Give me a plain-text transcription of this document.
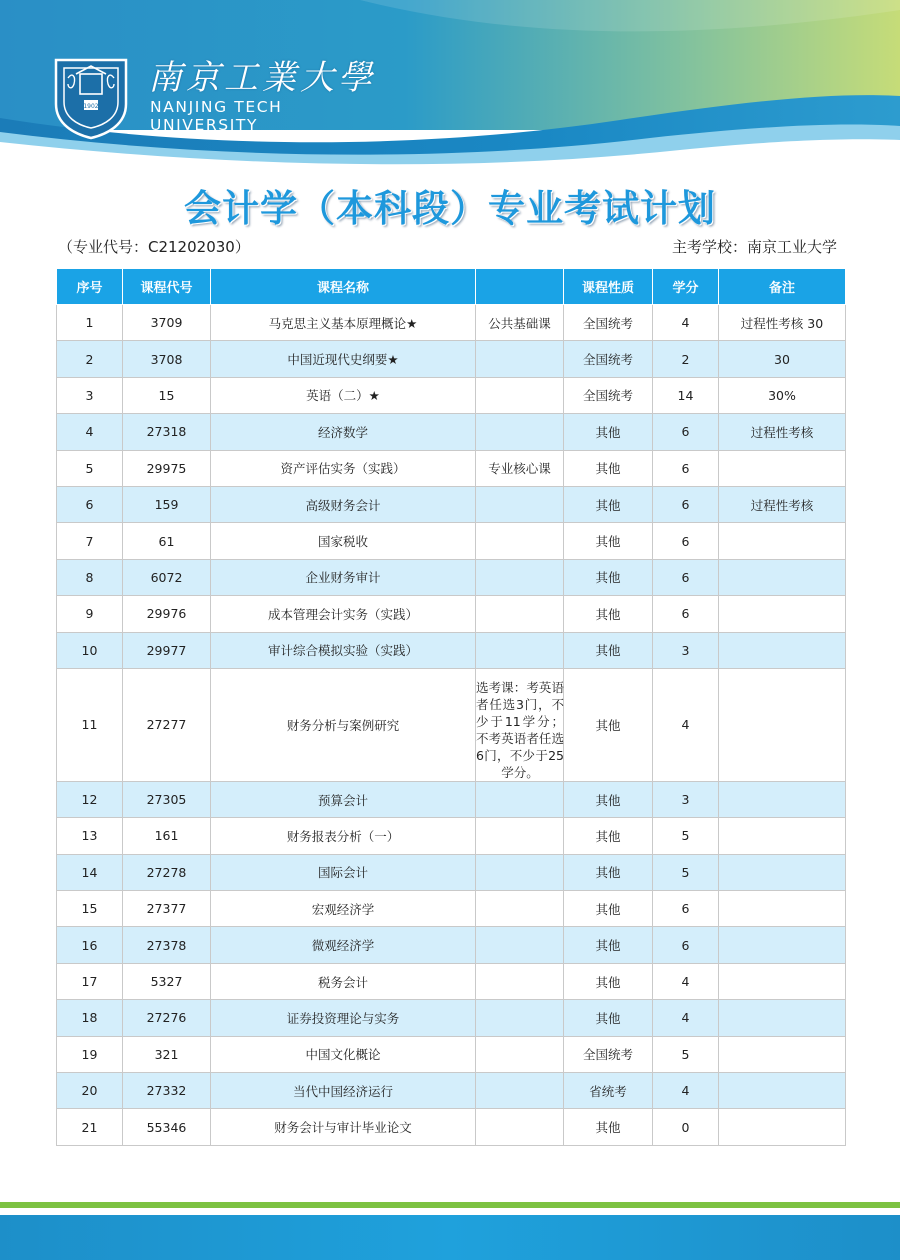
1902
南京工業大學
NANJING TECH
UNIVERSITY
会计学（本科段）专业考试计划
（专业代号：C21202030）	主考学校：南京工业大学
序号	课程代号	课程名称		课程性质	学分	备注
1	3709	马克思主义基本原理概论★	公共基础课	全国统考	4	过程性考核 30
2	3708	中国近现代史纲要★		全国统考	2	30
3	15	英语（二）★		全国统考	14	30%
4	27318	经济数学		其他	6	过程性考核
5	29975	资产评估实务（实践）	专业核心课	其他	6	
6	159	高级财务会计		其他	6	过程性考核
7	61	国家税收		其他	6	
8	6072	企业财务审计		其他	6	
9	29976	成本管理会计实务（实践）		其他	6	
10	29977	审计综合模拟实验（实践）		其他	3	
11	27277	财务分析与案例研究	选考课：考英语者任选3门，不少于11学分；不考英语者任选6门，不少于25学分。	其他	4	
12	27305	预算会计		其他	3	
13	161	财务报表分析（一）		其他	5	
14	27278	国际会计		其他	5	
15	27377	宏观经济学		其他	6	
16	27378	微观经济学		其他	6	
17	5327	税务会计		其他	4	
18	27276	证券投资理论与实务		其他	4	
19	321	中国文化概论		全国统考	5	
20	27332	当代中国经济运行		省统考	4	
21	55346	财务会计与审计毕业论文		其他	0	
